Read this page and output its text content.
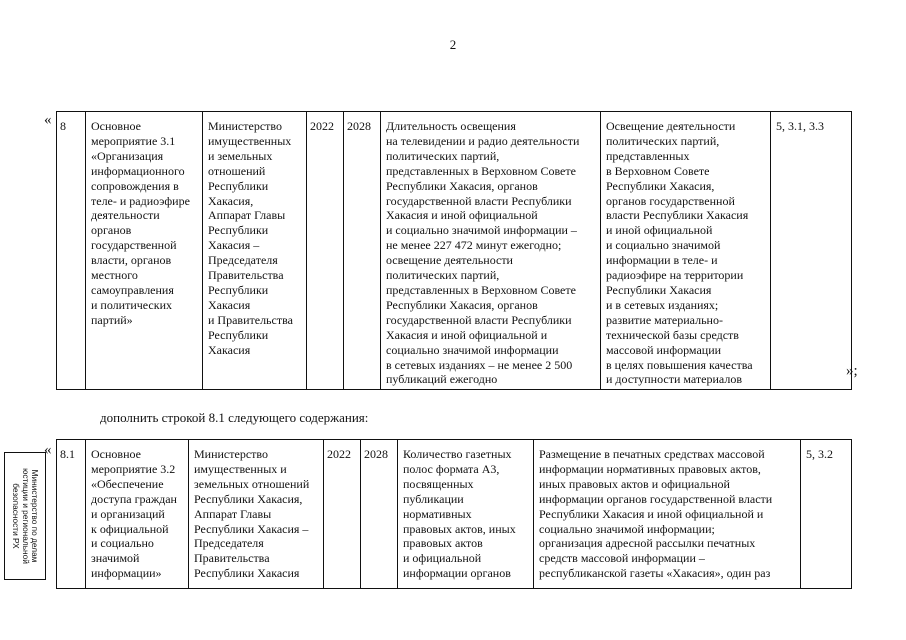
2
« 8	Основное
мероприятие 3.1
«Организация
информационного
сопровождения в
теле- и радиоэфире
деятельности
органов
государственной
власти, органов
местного
самоуправления
и политических
партий»	Министерство
имущественных
и земельных
отношений
Республики
Хакасия,
Аппарат Главы
Республики
Хакасия –
Председателя
Правительства
Республики
Хакасия
и Правительства
Республики
Хакасия	2022	2028	Длительность освещения
на телевидении и радио деятельности
политических партий,
представленных в Верховном Совете
Республики Хакасия, органов
государственной власти Республики
Хакасия и иной официальной
и социально значимой информации –
не менее 227 472 минут ежегодно;
освещение деятельности
политических партий,
представленных в Верховном Совете
Республики Хакасия, органов
государственной власти Республики
Хакасия и иной официальной и
социально значимой информации
в сетевых изданиях – не менее 2 500
публикаций ежегодно	Освещение деятельности
политических партий,
представленных
в Верховном Совете
Республики Хакасия,
органов государственной
власти Республики Хакасия
и иной официальной
и социально значимой
информации в теле- и
радиоэфире на территории
Республики Хакасия
и в сетевых изданиях;
развитие материально-
технической базы средств
массовой информации
в целях повышения качества
и доступности материалов	5, 3.1, 3.3
»;
дополнить строкой 8.1 следующего содержания:
« 8.1	Основное
мероприятие 3.2
«Обеспечение
доступа граждан
и организаций
к официальной
и социально
значимой
информации»	Министерство
имущественных и
земельных отношений
Республики Хакасия,
Аппарат Главы
Республики Хакасия –
Председателя
Правительства
Республики Хакасия	2022	2028	Количество газетных
полос формата А3,
посвященных
публикации
нормативных
правовых актов, иных
правовых актов
и официальной
информации органов	Размещение в печатных средствах массовой
информации нормативных правовых актов,
иных правовых актов и официальной
информации органов государственной власти
Республики Хакасия и иной официальной и
социально значимой информации;
организация адресной рассылки печатных
средств массовой информации –
республиканской газеты «Хакасия», один раз	5, 3.2
Министерство по делам
юстиции и региональной
безопасности РХ
